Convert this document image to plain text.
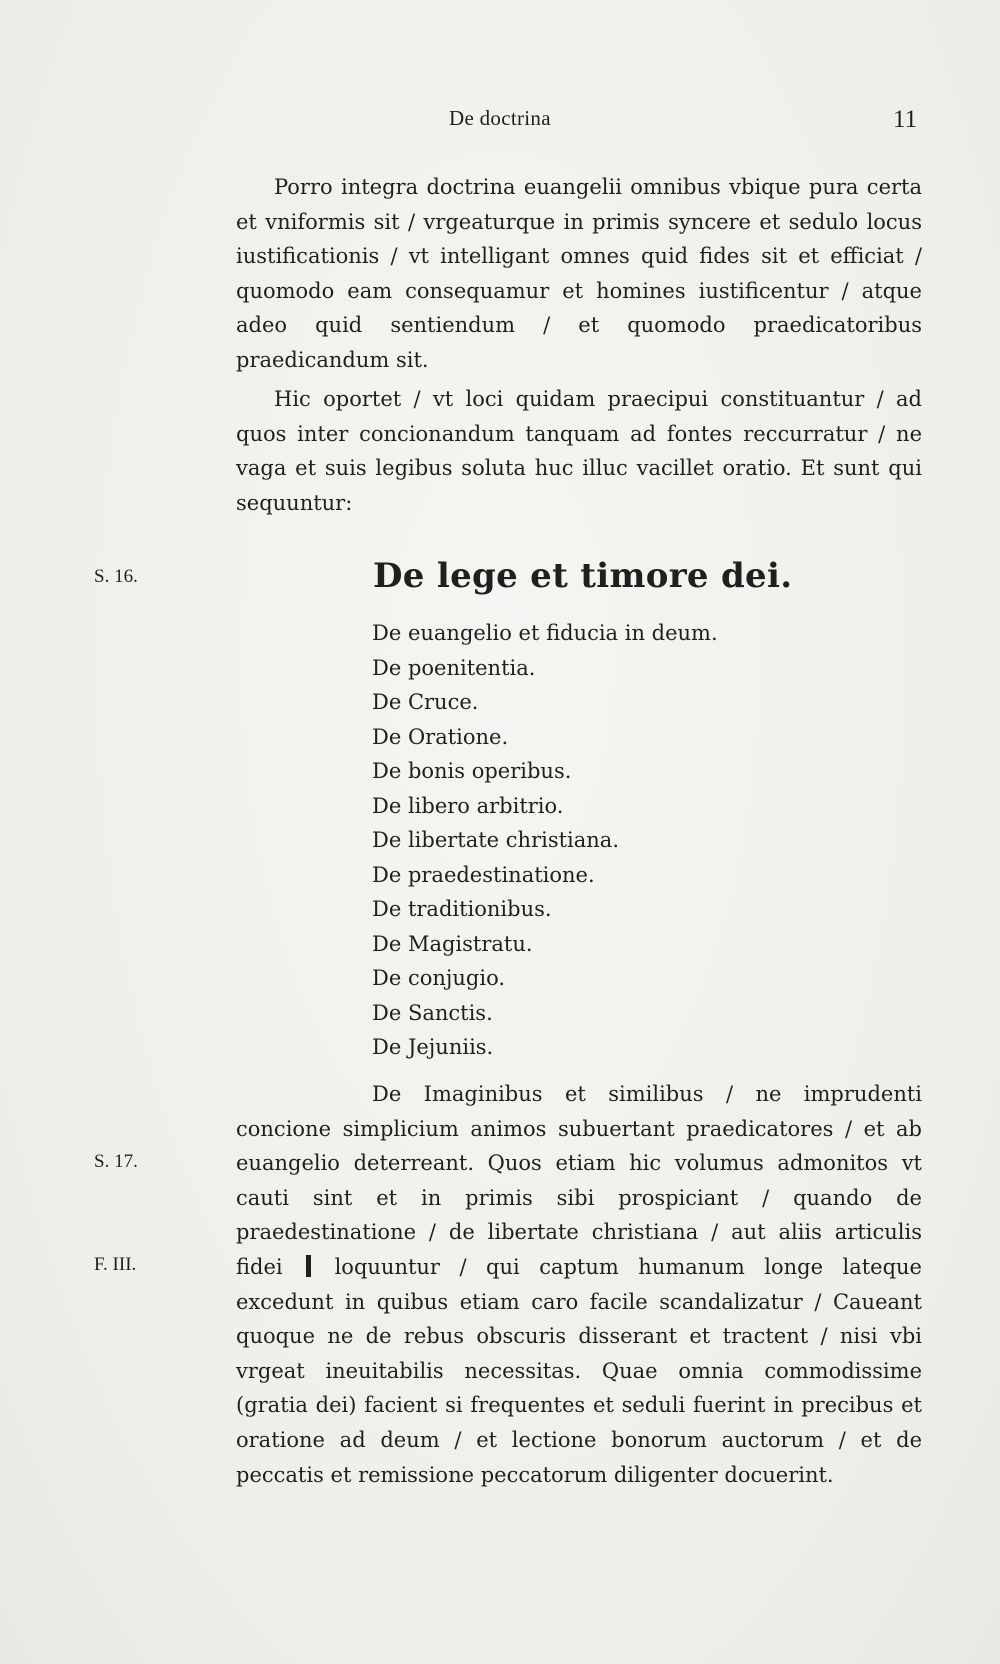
De doctrina	11

Porro integra doctrina euangelii omnibus vbique pura certa et vniformis sit / vrgeaturque in primis syncere et sedulo locus iustificationis / vt intelligant omnes quid fides sit et efficiat / quomodo eam consequamur et homines iustificentur / atque adeo quid sentiendum / et quomodo praedicatoribus praedicandum sit.

Hic oportet / vt loci quidam praecipui constituantur / ad quos inter concionandum tanquam ad fontes reccurratur / ne vaga et suis legibus soluta huc illuc vacillet oratio. Et sunt qui sequuntur:

S. 16.	De lege et timore dei.
De euangelio et fiducia in deum.
De poenitentia.
De Cruce.
De Oratione.
De bonis operibus.
De libero arbitrio.
De libertate christiana.
De praedestinatione.
De traditionibus.
De Magistratu.
De conjugio.
De Sanctis.
De Jejuniis.

De Imaginibus et similibus / ne imprudenti concione simplicium animos subuertant praedicatores / et ab euangelio deterreant. Quos etiam hic volumus admonitos vt cauti sint et in primis sibi prospiciant / quando de praedestinatione / de libertate christiana / aut aliis articulis fidei loquuntur / qui captum humanum longe lateque excedunt in quibus etiam caro facile scandalizatur / Caueant quoque ne de rebus obscuris disserant et tractent / nisi vbi vrgeat ineuitabilis necessitas. Quae omnia commodissime (gratia dei) facient si frequentes et seduli fuerint in precibus et oratione ad deum / et lectione bonorum auctorum / et de peccatis et remissione peccatorum diligenter docuerint.

S. 17.
F. III.
